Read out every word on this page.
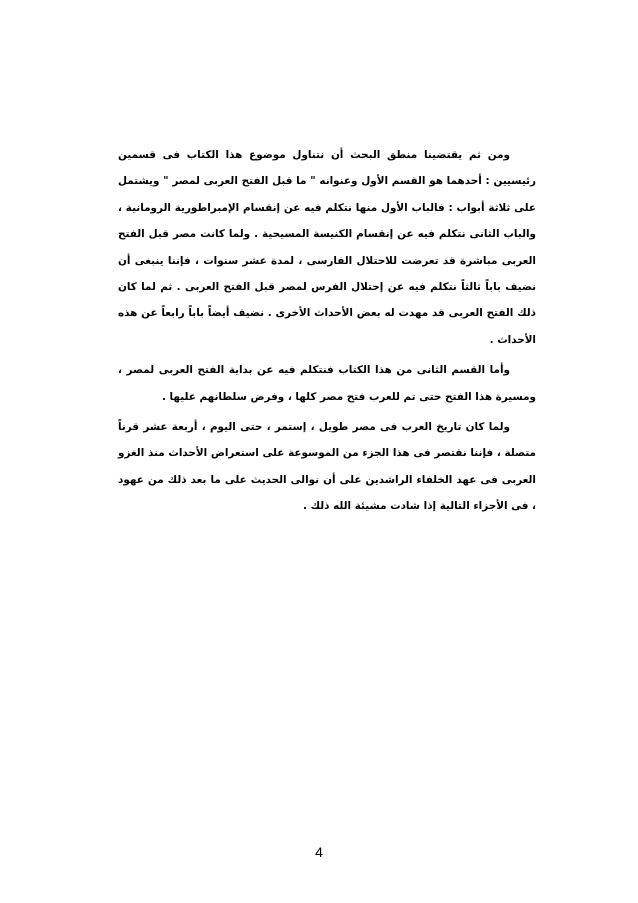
ومن ثم يقتضينا منطق البحث أن نتناول موضوع هذا الكتاب فى قسمين رئيسيين : أحدهما هو القسم الأول وعنوانه " ما قبل الفتح العربى لمصر " ويشتمل على ثلاثة أبواب : فالباب الأول منها نتكلم فيه عن إنقسام الإمبراطورية الرومانية ، والباب الثانى نتكلم فيه عن إنقسام الكنيسة المسيحية . ولما كانت مصر قبل الفتح العربى مباشرة قد تعرضت للاحتلال الفارسى ، لمدة عشر سنوات ، فإننا ينبغى أن نضيف باباً ثالثاً نتكلم فيه عن إحتلال الفرس لمصر قبل الفتح العربى . ثم لما كان ذلك الفتح العربى قد مهدت له بعض الأحداث الأخرى . نضيف أيضاً باباً رابعاً عن هذه الأحداث .

وأما القسم الثانى من هذا الكتاب فنتكلم فيه عن بداية الفتح العربى لمصر ، ومسيرة هذا الفتح حتى تم للعرب فتح مصر كلها ، وفرض سلطانهم عليها .

ولما كان تاريخ العرب فى مصر طويل ، إستمر ، حتى اليوم ، أربعة عشر قرناً متصلة ، فإننا نقتصر فى هذا الجزء من الموسوعة على استعراض الأحداث منذ الغزو العربى فى عهد الخلفاء الراشدين على أن نوالى الحديث على ما بعد ذلك من عهود ، فى الأجزاء التالية إذا شادت مشيئة الله ذلك .

4
